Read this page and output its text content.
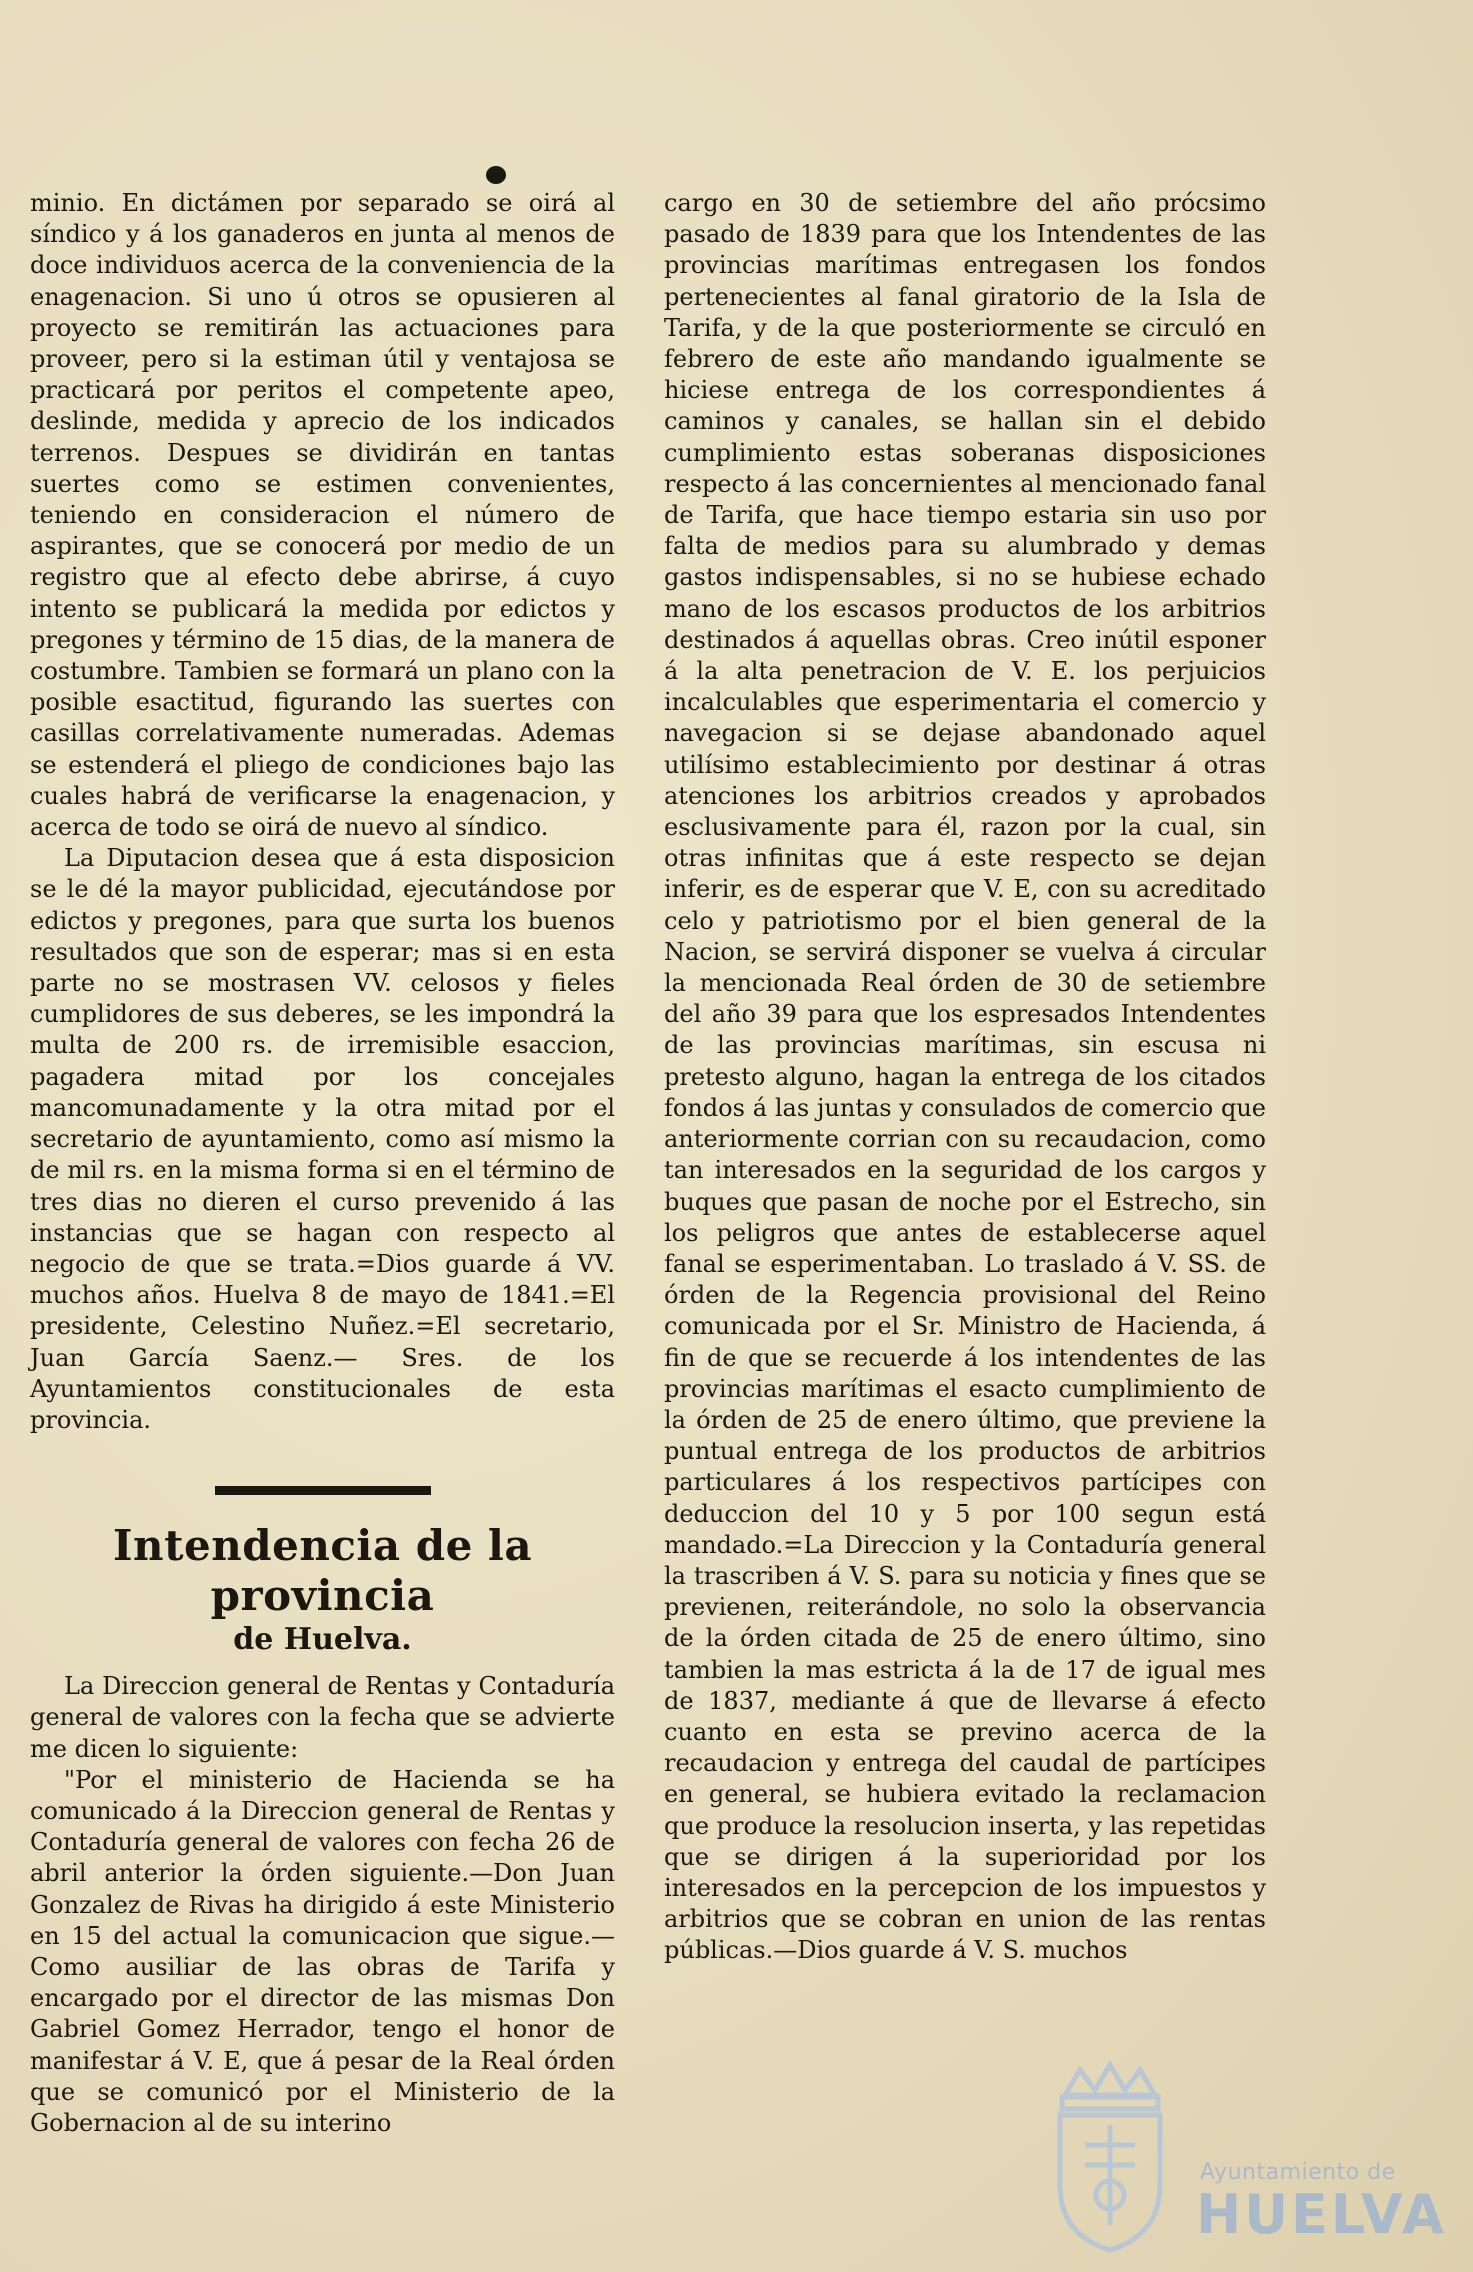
minio. En dictámen por separado se oirá al síndico y á los ganaderos en junta al menos de doce individuos acerca de la conveniencia de la enagenacion. Si uno ú otros se opusieren al proyecto se remitirán las actuaciones para proveer, pero si la estiman útil y ventajosa se practicará por peritos el competente apeo, deslinde, medida y aprecio de los indicados terrenos. Despues se dividirán en tantas suertes como se estimen convenientes, teniendo en consideracion el número de aspirantes, que se conocerá por medio de un registro que al efecto debe abrirse, á cuyo intento se publicará la medida por edictos y pregones y término de 15 dias, de la manera de costumbre. Tambien se formará un plano con la posible esactitud, figurando las suertes con casillas correlativamente numeradas. Ademas se estenderá el pliego de condiciones bajo las cuales habrá de verificarse la enagenacion, y acerca de todo se oirá de nuevo al síndico.

La Diputacion desea que á esta disposicion se le dé la mayor publicidad, ejecutándose por edictos y pregones, para que surta los buenos resultados que son de esperar; mas si en esta parte no se mostrasen VV. celosos y fieles cumplidores de sus deberes, se les impondrá la multa de 200 rs. de irremisible esaccion, pagadera mitad por los concejales mancomunadamente y la otra mitad por el secretario de ayuntamiento, como así mismo la de mil rs. en la misma forma si en el término de tres dias no dieren el curso prevenido á las instancias que se hagan con respecto al negocio de que se trata.=Dios guarde á VV. muchos años. Huelva 8 de mayo de 1841.=El presidente, Celestino Nuñez.=El secretario, Juan García Saenz.— Sres. de los Ayuntamientos constitucionales de esta provincia.

Intendencia de la provincia
de Huelva.

La Direccion general de Rentas y Contaduría general de valores con la fecha que se advierte me dicen lo siguiente:

"Por el ministerio de Hacienda se ha comunicado á la Direccion general de Rentas y Contaduría general de valores con fecha 26 de abril anterior la órden siguiente.—Don Juan Gonzalez de Rivas ha dirigido á este Ministerio en 15 del actual la comunicacion que sigue.—Como ausiliar de las obras de Tarifa y encargado por el director de las mismas Don Gabriel Gomez Herrador, tengo el honor de manifestar á V. E, que á pesar de la Real órden que se comunicó por el Ministerio de la Gobernacion al de su interino

cargo en 30 de setiembre del año prócsimo pasado de 1839 para que los Intendentes de las provincias marítimas entregasen los fondos pertenecientes al fanal giratorio de la Isla de Tarifa, y de la que posteriormente se circuló en febrero de este año mandando igualmente se hiciese entrega de los correspondientes á caminos y canales, se hallan sin el debido cumplimiento estas soberanas disposiciones respecto á las concernientes al mencionado fanal de Tarifa, que hace tiempo estaria sin uso por falta de medios para su alumbrado y demas gastos indispensables, si no se hubiese echado mano de los escasos productos de los arbitrios destinados á aquellas obras. Creo inútil esponer á la alta penetracion de V. E. los perjuicios incalculables que esperimentaria el comercio y navegacion si se dejase abandonado aquel utilísimo establecimiento por destinar á otras atenciones los arbitrios creados y aprobados esclusivamente para él, razon por la cual, sin otras infinitas que á este respecto se dejan inferir, es de esperar que V. E, con su acreditado celo y patriotismo por el bien general de la Nacion, se servirá disponer se vuelva á circular la mencionada Real órden de 30 de setiembre del año 39 para que los espresados Intendentes de las provincias marítimas, sin escusa ni pretesto alguno, hagan la entrega de los citados fondos á las juntas y consulados de comercio que anteriormente corrian con su recaudacion, como tan interesados en la seguridad de los cargos y buques que pasan de noche por el Estrecho, sin los peligros que antes de establecerse aquel fanal se esperimentaban. Lo traslado á V. SS. de órden de la Regencia provisional del Reino comunicada por el Sr. Ministro de Hacienda, á fin de que se recuerde á los intendentes de las provincias marítimas el esacto cumplimiento de la órden de 25 de enero último, que previene la puntual entrega de los productos de arbitrios particulares á los respectivos partícipes con deduccion del 10 y 5 por 100 segun está mandado.=La Direccion y la Contaduría general la trascriben á V. S. para su noticia y fines que se previenen, reiterándole, no solo la observancia de la órden citada de 25 de enero último, sino tambien la mas estricta á la de 17 de igual mes de 1837, mediante á que de llevarse á efecto cuanto en esta se previno acerca de la recaudacion y entrega del caudal de partícipes en general, se hubiera evitado la reclamacion que produce la resolucion inserta, y las repetidas que se dirigen á la superioridad por los interesados en la percepcion de los impuestos y arbitrios que se cobran en union de las rentas públicas.—Dios guarde á V. S. muchos

Ayuntamiento de
HUELVA
